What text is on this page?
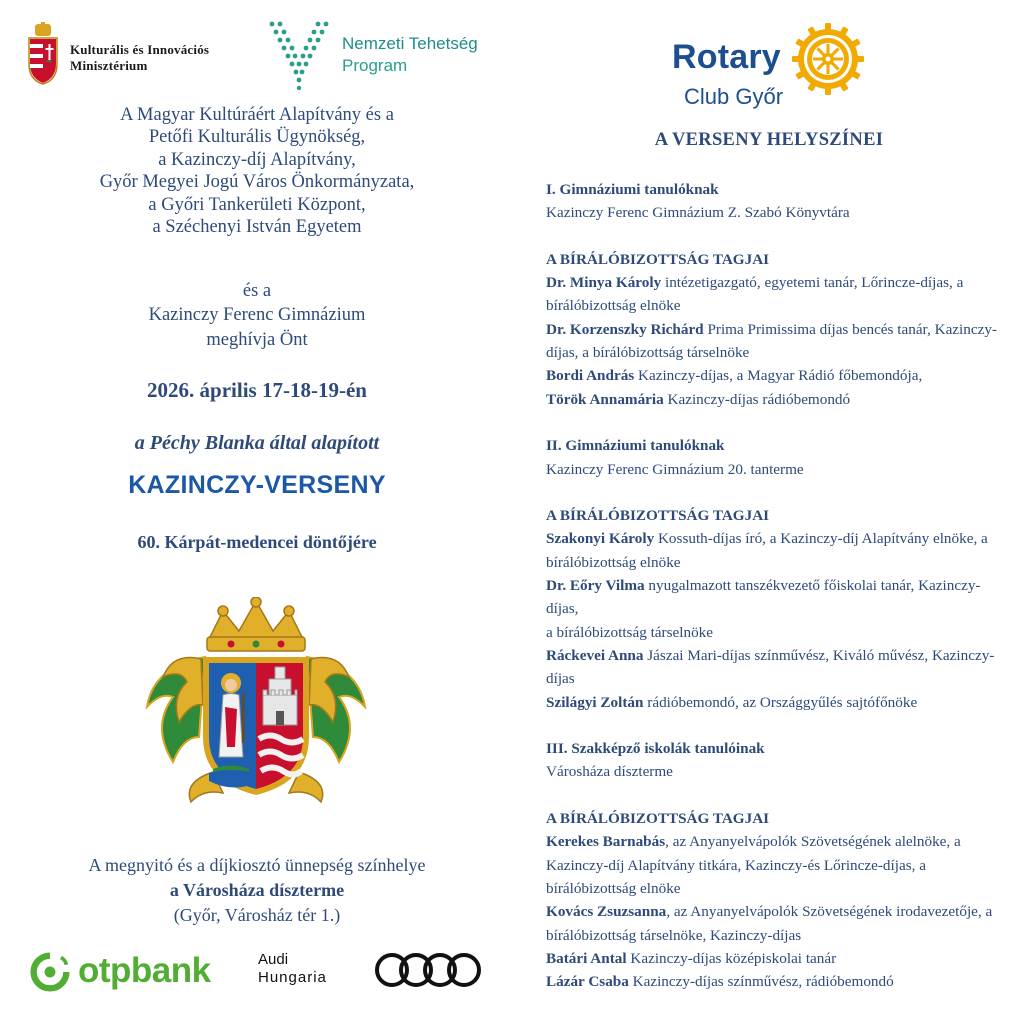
Kulturális és Innovációs
Minisztérium
Nemzeti Tehetség
Program
A Magyar Kultúráért Alapítvány és a
Petőfi Kulturális Ügynökség,
a Kazinczy-díj Alapítvány,
Győr Megyei Jogú Város Önkormányzata,
a Győri Tankerületi Központ,
a Széchenyi István Egyetem
és a
Kazinczy Ferenc Gimnázium
meghívja Önt
2026. április 17-18-19-én
a Péchy Blanka által alapított
KAZINCZY-VERSENY
60. Kárpát-medencei döntőjére
A megnyitó és a díjkiosztó ünnepség színhelye
a Városháza díszterme
(Győr, Városház tér 1.)
otpbank	Audi
Hungaria
Rotary
Club Győr
A VERSENY HELYSZÍNEI
I. Gimnáziumi tanulóknak
Kazinczy Ferenc Gimnázium Z. Szabó Könyvtára
A BÍRÁLÓBIZOTTSÁG TAGJAI
Dr. Minya Károly intézetigazgató, egyetemi tanár, Lőrincze-díjas, a bírálóbizottság elnöke
Dr. Korzenszky Richárd Prima Primissima díjas bencés tanár, Kazinczy-díjas, a bírálóbizottság társelnöke
Bordi András Kazinczy-díjas, a Magyar Rádió főbemondója,
Török Annamária Kazinczy-díjas rádióbemondó
II. Gimnáziumi tanulóknak
Kazinczy Ferenc Gimnázium 20. tanterme
A BÍRÁLÓBIZOTTSÁG TAGJAI
Szakonyi Károly Kossuth-díjas író, a Kazinczy-díj Alapítvány elnöke, a bírálóbizottság elnöke
Dr. Eőry Vilma nyugalmazott tanszékvezető főiskolai tanár, Kazinczy-díjas,
a bírálóbizottság társelnöke
Ráckevei Anna Jászai Mari-díjas színművész, Kiváló művész, Kazinczy-díjas
Szilágyi Zoltán rádióbemondó, az Országgyűlés sajtófőnöke
III. Szakképző iskolák tanulóinak
Városháza díszterme
A BÍRÁLÓBIZOTTSÁG TAGJAI
Kerekes Barnabás, az Anyanyelvápolók Szövetségének alelnöke, a Kazinczy-díj Alapítvány titkára, Kazinczy-és Lőrincze-díjas, a bírálóbizottság elnöke
Kovács Zsuzsanna, az Anyanyelvápolók Szövetségének irodavezetője, a bírálóbizottság társelnöke, Kazinczy-díjas
Batári Antal Kazinczy-díjas középiskolai tanár
Lázár Csaba Kazinczy-díjas színművész, rádióbemondó
